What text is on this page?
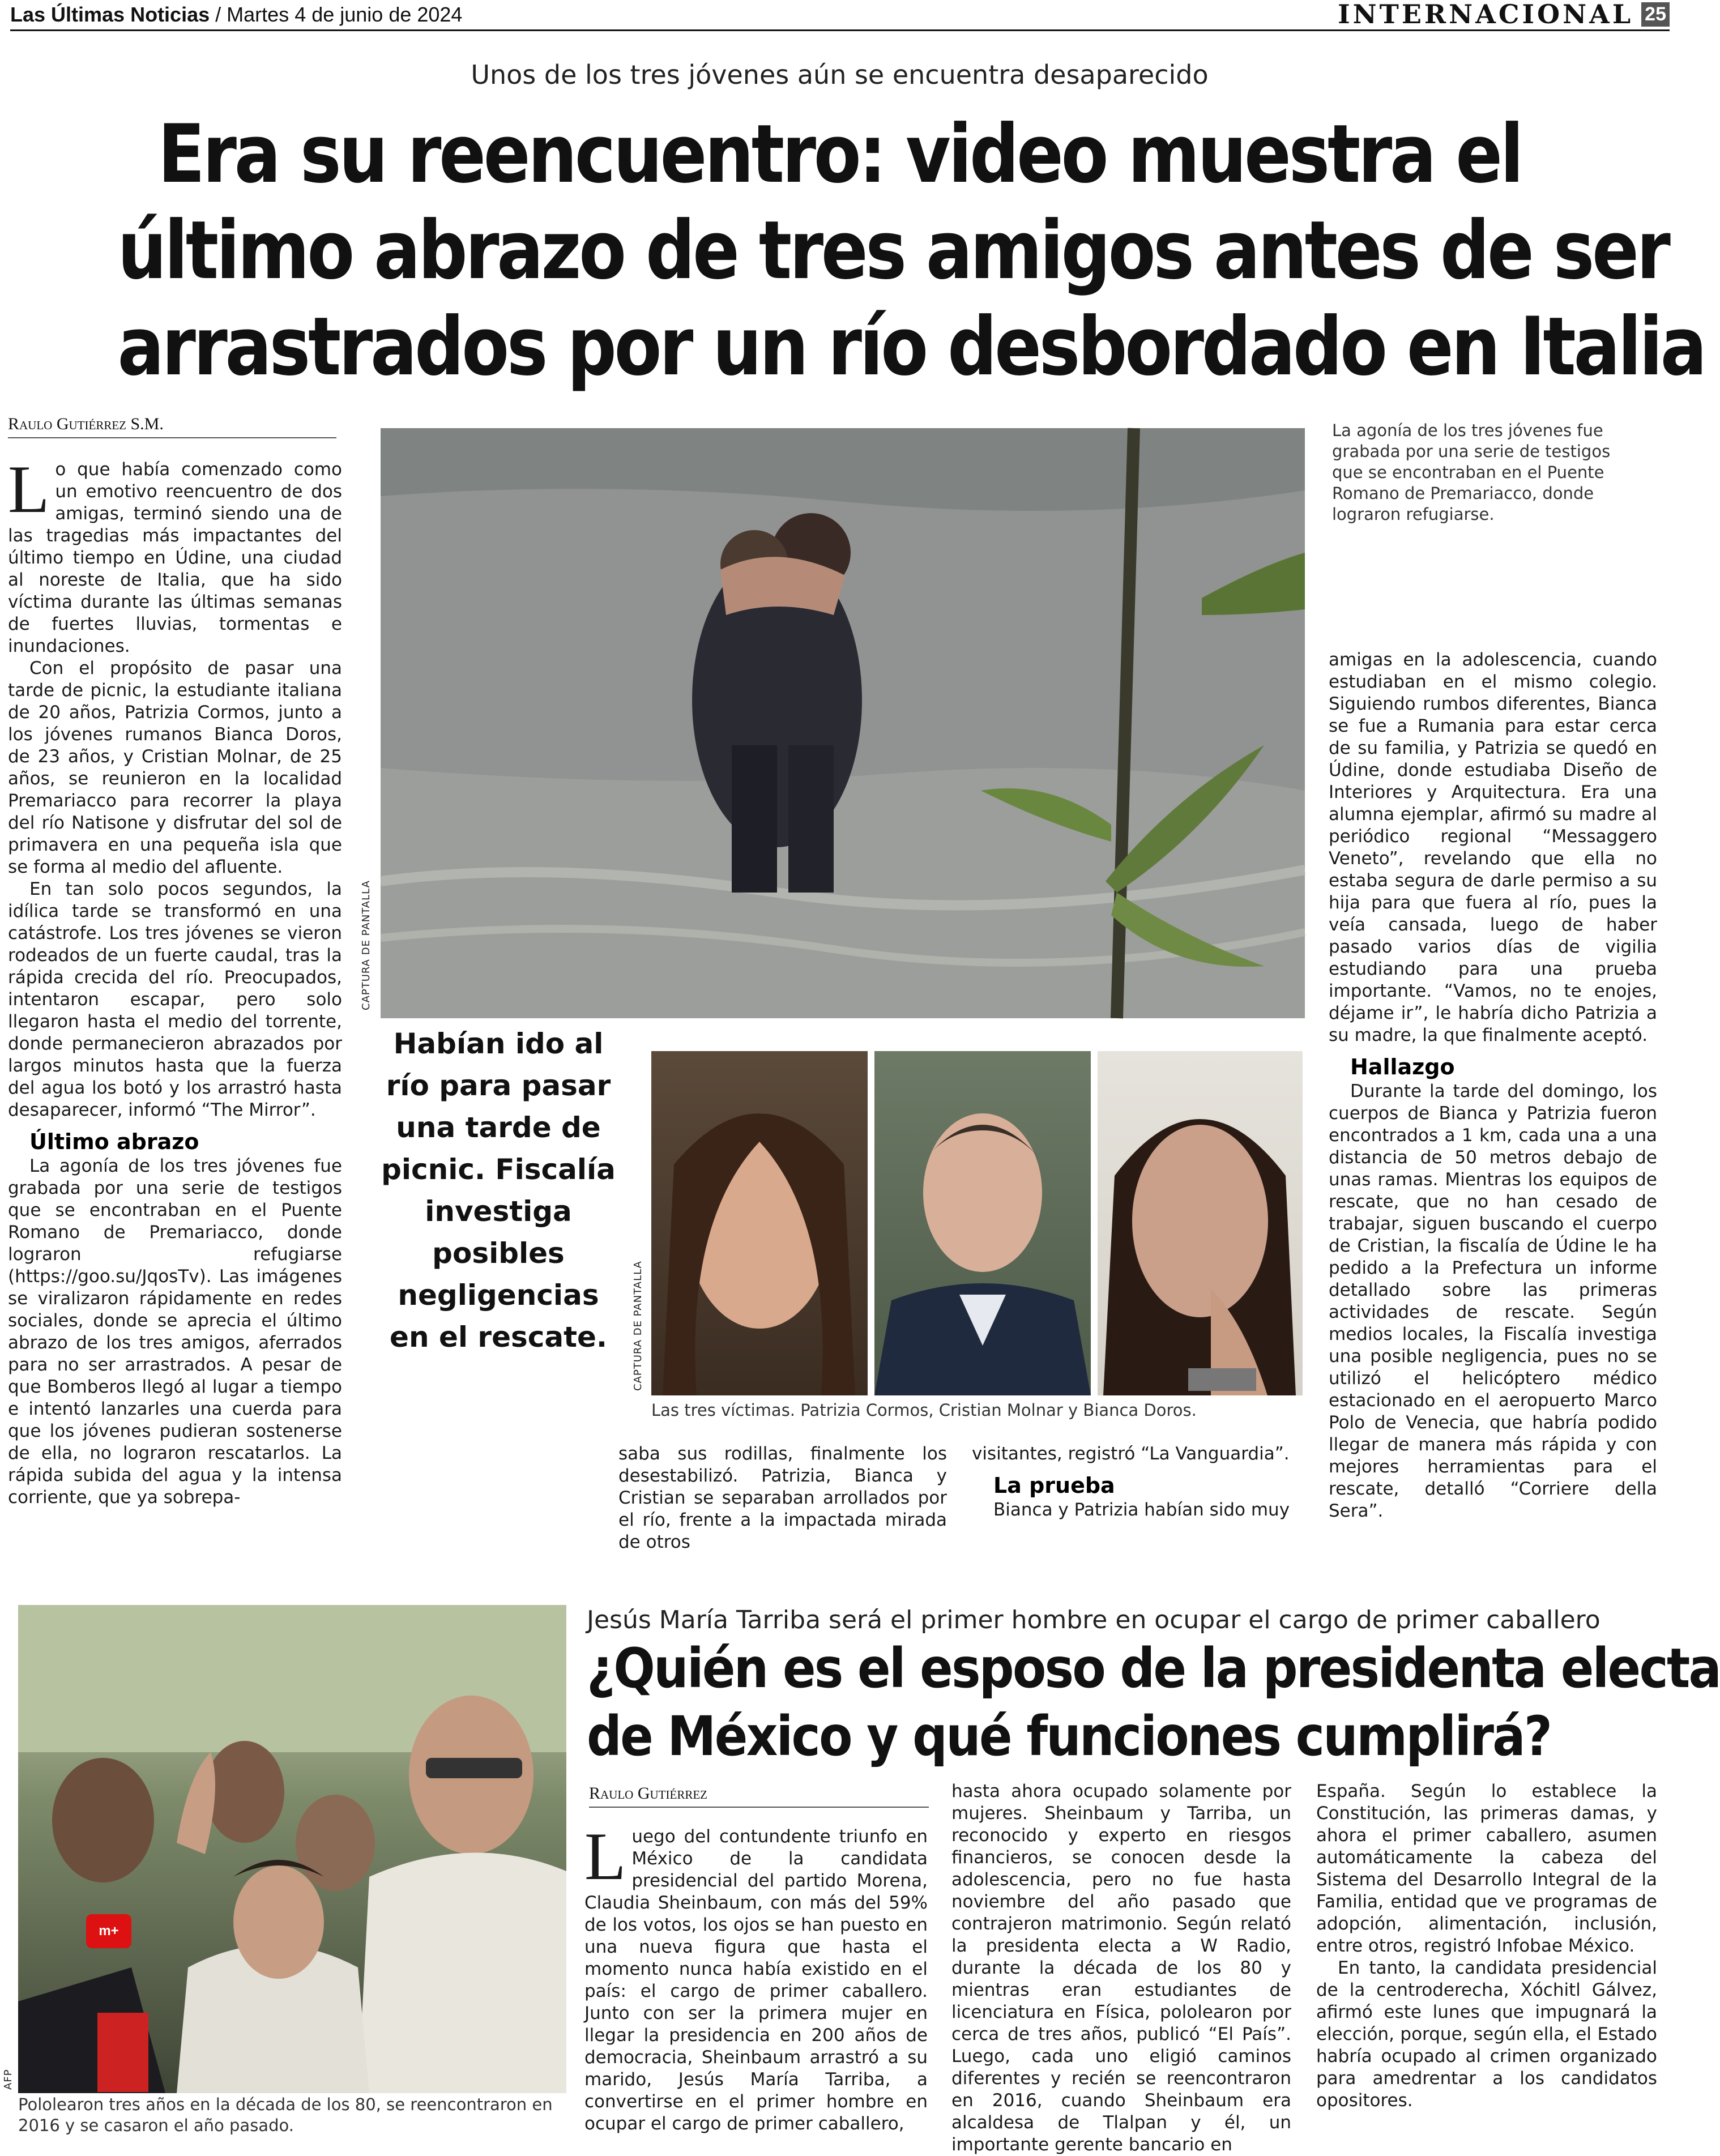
Las Últimas Noticias / Martes 4 de junio de 2024	INTERNACIONAL 25
Unos de los tres jóvenes aún se encuentra desaparecido
Era su reencuentro: video muestra el
último abrazo de tres amigos antes de ser
arrastrados por un río desbordado en Italia
Raulo Gutiérrez S.M.

Lo que había comenzado como un emotivo reencuentro de dos amigas, terminó siendo una de las tragedias más impactantes del último tiempo en Údine, una ciudad al noreste de Italia, que ha sido víctima durante las últimas semanas de fuertes lluvias, tormentas e inundaciones.

Con el propósito de pasar una tarde de picnic, la estudiante italiana de 20 años, Patrizia Cormos, junto a los jóvenes rumanos Bianca Doros, de 23 años, y Cristian Molnar, de 25 años, se reunieron en la localidad Premariacco para recorrer la playa del río Natisone y disfrutar del sol de primavera en una pequeña isla que se forma al medio del afluente.

En tan solo pocos segundos, la idílica tarde se transformó en una catástrofe. Los tres jóvenes se vieron rodeados de un fuerte caudal, tras la rápida crecida del río. Preocupados, intentaron escapar, pero solo llegaron hasta el medio del torrente, donde permanecieron abrazados por largos minutos hasta que la fuerza del agua los botó y los arrastró hasta desaparecer, informó “The Mirror”.

Último abrazo

La agonía de los tres jóvenes fue grabada por una serie de testigos que se encontraban en el Puente Romano de Premariacco, donde lograron refugiarse (https://goo.su/JqosTv). Las imágenes se viralizaron rápidamente en redes sociales, donde se aprecia el último abrazo de los tres amigos, aferrados para no ser arrastrados. A pesar de que Bomberos llegó al lugar a tiempo e intentó lanzarles una cuerda para que los jóvenes pudieran sostenerse de ella, no lograron rescatarlos. La rápida subida del agua y la intensa corriente, que ya sobrepa-

CAPTURA DE PANTALLA
La agonía de los tres jóvenes fue grabada por una serie de testigos que se encontraban en el Puente Romano de Premariacco, donde lograron refugiarse.
Habían ido al río para pasar una tarde de picnic. Fiscalía investiga posibles negligencias en el rescate.	CAPTURA DE PANTALLA
Las tres víctimas. Patrizia Cormos, Cristian Molnar y Bianca Doros.

saba sus rodillas, finalmente los desestabilizó. Patrizia, Bianca y Cristian se separaban arrollados por el río, frente a la impactada mirada de otros

visitantes, registró “La Vanguardia”.

La prueba

Bianca y Patrizia habían sido muy

amigas en la adolescencia, cuando estudiaban en el mismo colegio. Siguiendo rumbos diferentes, Bianca se fue a Rumania para estar cerca de su familia, y Patrizia se quedó en Údine, donde estudiaba Diseño de Interiores y Arquitectura. Era una alumna ejemplar, afirmó su madre al periódico regional “Messaggero Veneto”, revelando que ella no estaba segura de darle permiso a su hija para que fuera al río, pues la veía cansada, luego de haber pasado varios días de vigilia estudiando para una prueba importante. “Vamos, no te enojes, déjame ir”, le habría dicho Patrizia a su madre, la que finalmente aceptó.

Hallazgo

Durante la tarde del domingo, los cuerpos de Bianca y Patrizia fueron encontrados a 1 km, cada una a una distancia de 50 metros debajo de unas ramas. Mientras los equipos de rescate, que no han cesado de trabajar, siguen buscando el cuerpo de Cristian, la fiscalía de Údine le ha pedido a la Prefectura un informe detallado sobre las primeras actividades de rescate. Según medios locales, la Fiscalía investiga una posible negligencia, pues no se utilizó el helicóptero médico estacionado en el aeropuerto Marco Polo de Venecia, que habría podido llegar de manera más rápida y con mejores herramientas para el rescate, detalló “Corriere della Sera”.

m+
AFP
Pololearon tres años en la década de los 80, se reencontraron en 2016 y se casaron el año pasado.
Jesús María Tarriba será el primer hombre en ocupar el cargo de primer caballero
¿Quién es el esposo de la presidenta electa
de México y qué funciones cumplirá?
Raulo Gutiérrez

Luego del contundente triunfo en México de la candidata presidencial del partido Morena, Claudia Sheinbaum, con más del 59% de los votos, los ojos se han puesto en una nueva figura que hasta el momento nunca había existido en el país: el cargo de primer caballero. Junto con ser la primera mujer en llegar la presidencia en 200 años de democracia, Sheinbaum arrastró a su marido, Jesús María Tarriba, a convertirse en el primer hombre en ocupar el cargo de primer caballero,

hasta ahora ocupado solamente por mujeres. Sheinbaum y Tarriba, un reconocido y experto en riesgos financieros, se conocen desde la adolescencia, pero no fue hasta noviembre del año pasado que contrajeron matrimonio. Según relató la presidenta electa a W Radio, durante la década de los 80 y mientras eran estudiantes de licenciatura en Física, pololearon por cerca de tres años, publicó “El País”. Luego, cada uno eligió caminos diferentes y recién se reencontraron en 2016, cuando Sheinbaum era alcaldesa de Tlalpan y él, un importante gerente bancario en

España. Según lo establece la Constitución, las primeras damas, y ahora el primer caballero, asumen automáticamente la cabeza del Sistema del Desarrollo Integral de la Familia, entidad que ve programas de adopción, alimentación, inclusión, entre otros, registró Infobae México.

En tanto, la candidata presidencial de la centroderecha, Xóchitl Gálvez, afirmó este lunes que impugnará la elección, porque, según ella, el Estado habría ocupado al crimen organizado para amedrentar a los candidatos opositores.
